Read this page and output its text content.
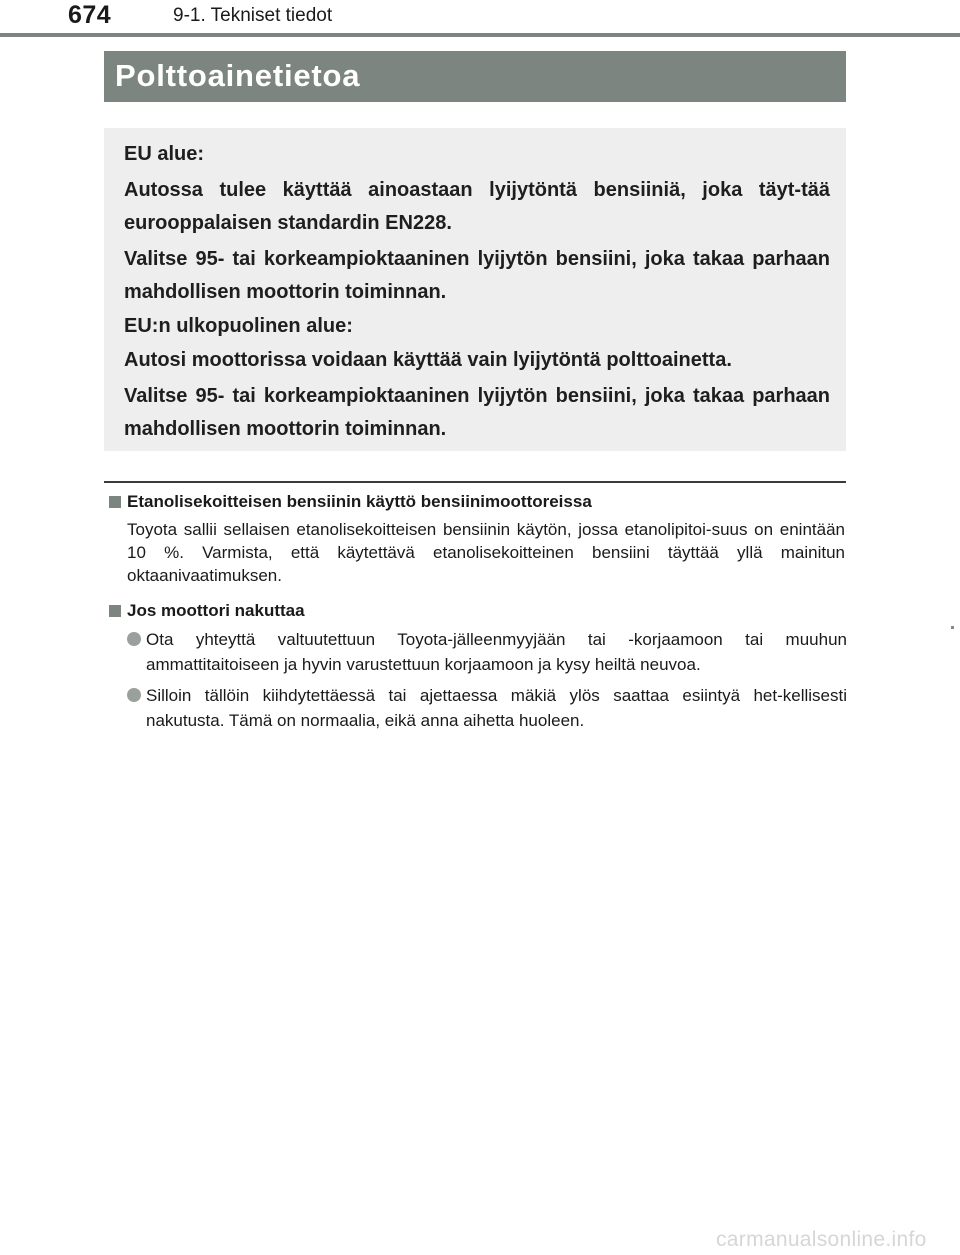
674	9-1. Tekniset tiedot
Polttoainetietoa

EU alue:

Autossa tulee käyttää ainoastaan lyijytöntä bensiiniä, joka täyt-tää eurooppalaisen standardin EN228.

Valitse 95- tai korkeampioktaaninen lyijytön bensiini, joka takaa parhaan mahdollisen moottorin toiminnan.

EU:n ulkopuolinen alue:

Autosi moottorissa voidaan käyttää vain lyijytöntä polttoainetta.

Valitse 95- tai korkeampioktaaninen lyijytön bensiini, joka takaa parhaan mahdollisen moottorin toiminnan.

Etanolisekoitteisen bensiinin käyttö bensiinimoottoreissa

Toyota sallii sellaisen etanolisekoitteisen bensiinin käytön, jossa etanolipitoi-suus on enintään 10 %. Varmista, että käytettävä etanolisekoitteinen bensiini täyttää yllä mainitun oktaanivaatimuksen.

Jos moottori nakuttaa

Ota yhteyttä valtuutettuun Toyota-jälleenmyyjään tai -korjaamoon tai muuhun ammattitaitoiseen ja hyvin varustettuun korjaamoon ja kysy heiltä neuvoa.

Silloin tällöin kiihdytettäessä tai ajettaessa mäkiä ylös saattaa esiintyä het-kellisesti nakutusta. Tämä on normaalia, eikä anna aihetta huoleen.

carmanualsonline.info
